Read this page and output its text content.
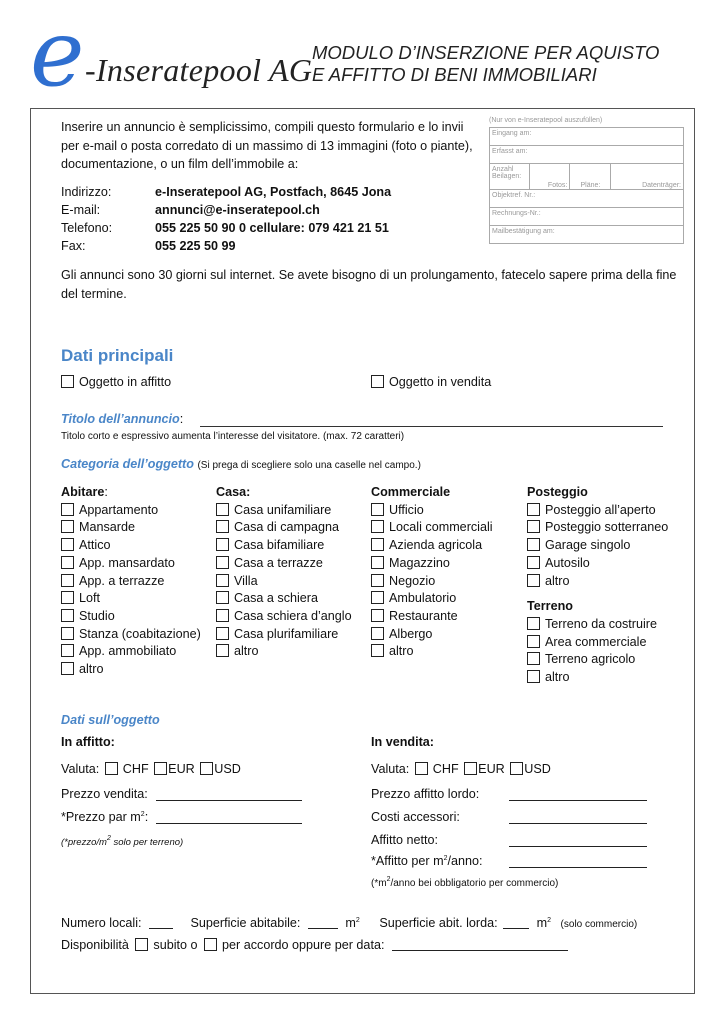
e -Inseratepool AG MODULO D’INSERZIONE PER AQUISTO
E AFFITTO DI BENI IMMOBILIARI
Inserire un annuncio è semplicissimo, compili questo formulario e lo invii per e-mail o posta corredato di un massimo di 13 immagini (foto o piante), documentazione, o un film dell’immobile a:
(Nur von e-Inseratepool auszufüllen)
Eingang am:
Erfasst am:
Anzahl Beilagen:	Fotos:	Pläne:	Datenträger:
Objektref. Nr.:
Rechnungs-Nr.:
Mailbestätigung am:
Indirizzo:	e-Inseratepool AG, Postfach, 8645 Jona
E-mail:	annunci@e-inseratepool.ch
Telefono:	055 225 50 90 0 cellulare: 079 421 21 51
Fax:	055 225 50 99
Gli annunci sono 30 giorni sul internet. Se avete bisogno di un prolungamento, fatecelo sapere prima della fine del termine.
Dati principali
Oggetto in affitto	Oggetto in vendita
Titolo dell’annuncio:
Titolo corto e espressivo aumenta l’interesse del visitatore. (max. 72 caratteri)
Categoria dell’oggetto (Si prega di scegliere solo una caselle nel campo.)
Abitare:
Appartamento
Mansarde
Attico
App. mansardato
App. a terrazze
Loft
Studio
Stanza (coabitazione)
App. ammobiliato
altro
Casa:
Casa unifamiliare
Casa di campagna
Casa bifamiliare
Casa a terrazze
Villa
Casa a schiera
Casa schiera d’anglo
Casa plurifamiliare
altro
Commerciale
Ufficio
Locali commerciali
Azienda agricola
Magazzino
Negozio
Ambulatorio
Restaurante
Albergo
altro
Posteggio
Posteggio all’aperto
Posteggio sotterraneo
Garage singolo
Autosilo
altro
Terreno
Terreno da costruire
Area commerciale
Terreno agricolo
altro
Dati sull’oggetto
In affitto:	In vendita:
Valuta: CHF EUR USD	Valuta: CHF EUR USD
Prezzo vendita:
*Prezzo par $m^2$:
($*prezzo/m^2$ solo per terreno)
Prezzo affitto lordo:
Costi accessori:
Affitto netto:
*Affitto per $m^2$/anno:
($*m^2$/anno bei obbligatorio per commercio)
Numero locali:	Superficie abitabile:	$m^2$ Superficie abit. lorda:	$m^2$ (solo commercio)
Disponibilità subito o per accordo oppure per data:
